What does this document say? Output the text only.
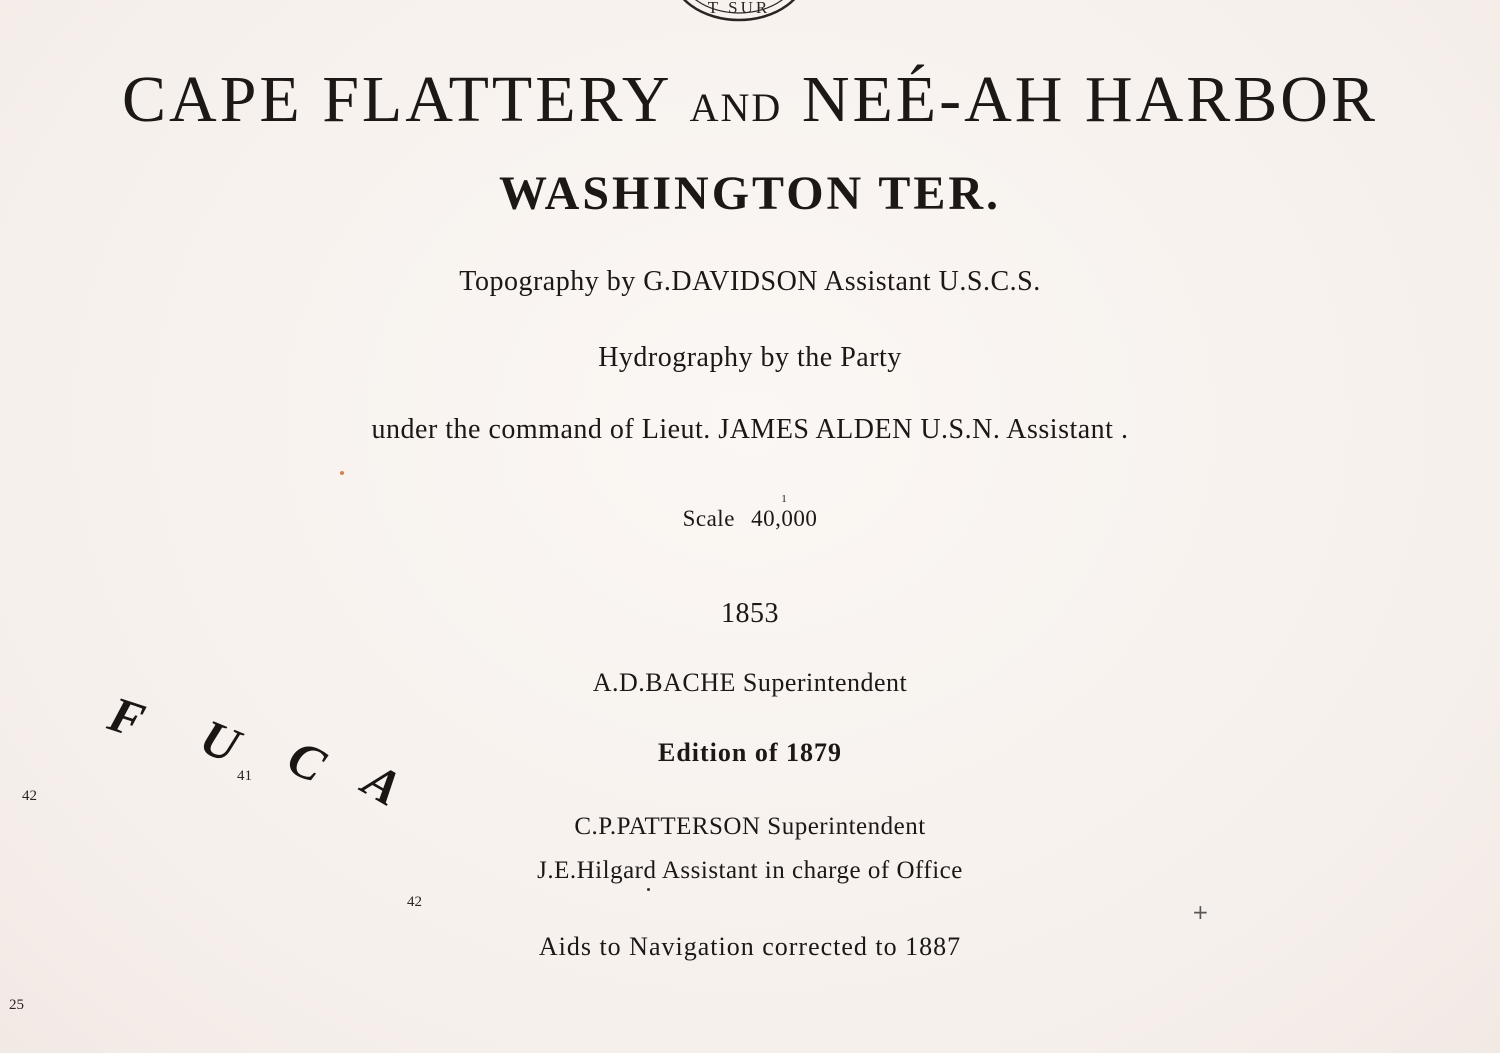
T SUR
CAPE FLATTERY AND NEÉ-AH HARBOR
WASHINGTON TER.
Topography by G.DAVIDSON Assistant U.S.C.S.
Hydrography by the Party
under the command of Lieut. JAMES ALDEN U.S.N. Assistant .
Scale
1
40,000
1853
A.D.BACHE Superintendent
Edition of 1879
C.P.PATTERSON Superintendent
J.E.Hilgard Assistant in charge of Office
Aids to Navigation corrected to 1887
F U C A
42
41
42
25
+
